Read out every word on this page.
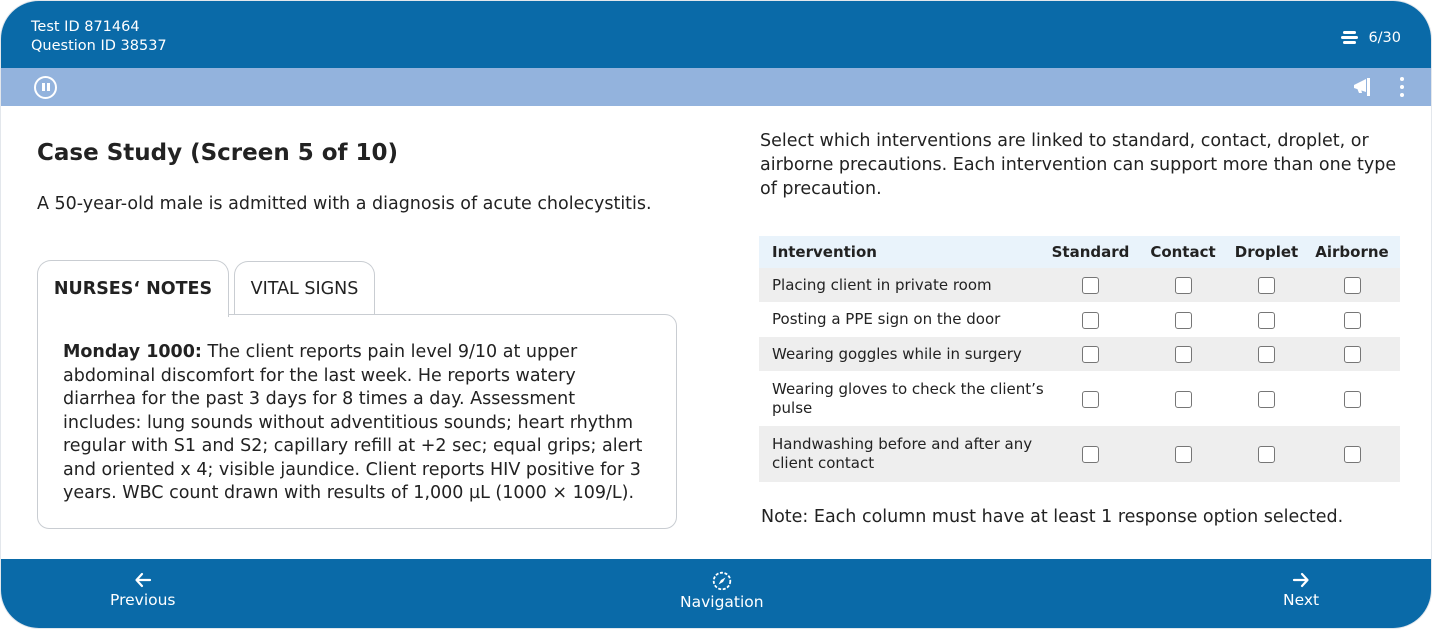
Test ID 871464
Question ID 38537	6/30
Case Study (Screen 5 of 10)
A 50-year-old male is admitted with a diagnosis of acute cholecystitis.
NURSES‘ NOTES	VITAL SIGNS
Monday 1000: The client reports pain level 9/10 at upper abdominal discomfort for the last week. He reports watery diarrhea for the past 3 days for 8 times a day. Assessment includes: lung sounds without adventitious sounds; heart rhythm regular with S1 and S2; capillary refill at +2 sec; equal grips; alert and oriented x 4; visible jaundice. Client reports HIV positive for 3 years. WBC count drawn with results of 1,000 µL (1000 × 109/L).
Select which interventions are linked to standard, contact, droplet, or airborne precautions. Each intervention can support more than one type of precaution.
Intervention	Standard	Contact	Droplet	Airborne
Placing client in private room				
Posting a PPE sign on the door				
Wearing goggles while in surgery				
Wearing gloves to check the client’s pulse				
Handwashing before and after any client contact				
Note: Each column must have at least 1 response option selected.
Previous	Navigation	Next
